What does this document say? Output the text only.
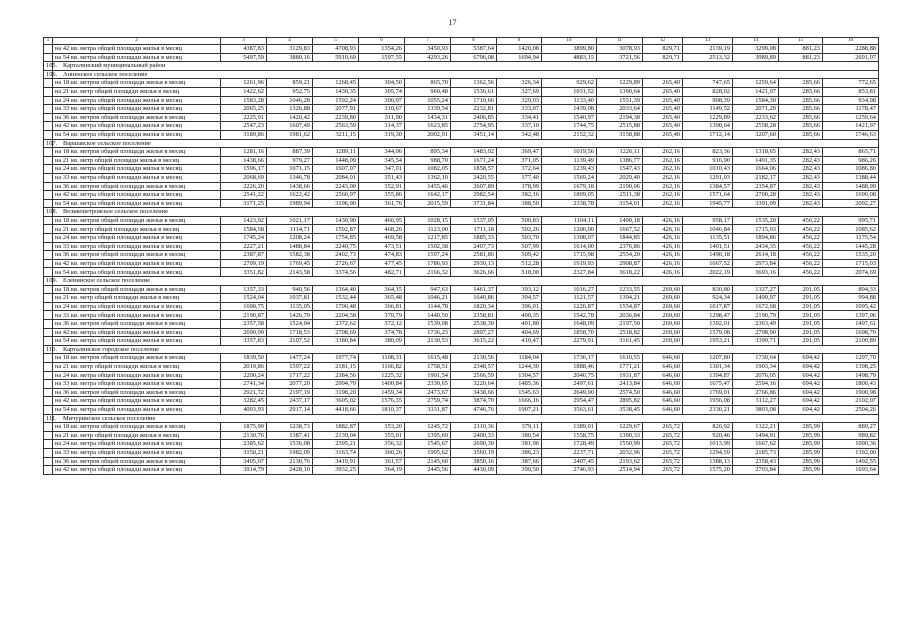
17
1	2	3	4	5	6	7	8	9	10	11	12	13	14	15	16
	на 42 кв. метра общей площади жилья в месяц	4387,83	3129,83	4708,93	1354,26	3450,93	5387,64	1420,08	3899,80	3078,93	829,71	2139,19	3299,08	881,23	2288,88
	на 54 кв. метра общей площади жилья в месяц	5497,59	3880,16	5910,69	1597,55	4293,26	6796,08	1694,94	4883,15	3721,56	829,71	2513,32	3989,89	881,23	2691,07
105.	Карталинский муниципальный район														
106.	Анненское сельское поселение														
	на 18 кв. метров общей площади жилья в месяц	1261,96	859,21	1268,45	304,50	865,70	1362,56	326,34	929,62	1229,89	265,40	747,65	1259,64	285,66	772,65
	на 21 кв. метр общей площади жилья в месяц	1422,62	952,75	1430,35	305,74	960,48	1536,61	327,69	1031,52	1390,64	265,40	828,02	1421,97	285,66	853,81
	на 24 кв. метра общей площади жилья в месяц	1583,28	1046,28	1592,24	306,97	1055,24	1710,66	329,03	1133,40	1551,39	265,40	908,39	1584,30	285,66	934,98
	на 33 кв. метра общей площади жилья в месяц	2065,25	1326,88	2077,91	310,67	1339,54	2232,81	333,07	1439,08	2033,64	265,40	1149,52	2071,29	285,66	1178,47
	на 36 кв. метров общей площади жилья в месяц	2225,91	1420,42	2239,80	311,90	1434,31	2406,85	334,41	1540,97	2194,38	265,40	1229,89	2233,62	285,66	1259,64
	на 42 кв. метра общей площади жилья в месяц	2547,23	1607,49	2563,59	314,37	1623,85	2754,95	337,10	1744,75	2515,88	265,40	1390,64	2558,28	285,66	1421,97
	на 54 кв. метра общей площади жилья в месяц	3189,86	1981,62	3211,15	319,30	2002,91	3451,14	342,48	2152,32	3158,88	265,40	1712,14	3207,60	285,66	1746,63
107.	Варшавское сельское поселение														
	на 18 кв. метров общей площади жилья в месяц	1281,16	887,39	1289,11	344,06	895,34	1483,92	369,47	1019,56	1226,11	262,16	823,36	1318,65	282,43	865,71
	на 21 кв. метр общей площади жилья в месяц	1438,66	979,27	1448,09	345,54	988,70	1671,24	371,05	1139,49	1386,77	262,16	916,90	1491,35	282,43	986,26
	на 24 кв. метра общей площади жилья в месяц	1596,17	1071,15	1607,07	347,01	1082,05	1858,57	372,64	1239,43	1547,43	262,16	1010,43	1664,06	282,43	1086,80
	на 33 кв. метра общей площади жилья в месяц	2068,69	1346,78	2084,01	351,43	1362,10	2420,55	377,40	1569,24	2029,40	262,16	1291,03	2182,17	282,43	1388,44
	на 36 кв. метров общей площади жилья в месяц	2226,20	1438,66	2243,00	352,91	1455,46	2607,89	378,99	1679,18	2190,06	262,16	1384,57	2354,87	282,43	1488,99
	на 42 кв. метра общей площади жилья в месяц	2541,22	1622,42	2560,97	355,86	1642,17	2982,54	382,16	1899,05	2511,38	262,16	1571,64	2700,28	282,43	1690,08
	на 54 кв. метра общей площади жилья в месяц	3171,25	1989,94	3196,90	361,76	2015,59	3731,84	388,50	2338,78	3154,01	262,16	1945,77	3391,09	282,43	2092,27
108.	Великопетровское сельское поселение														
	на 18 кв. метров общей площади жилья в месяц	1423,92	1021,17	1430,90	466,95	1028,15	1537,05	500,83	1104,11	1490,18	426,16	958,17	1535,20	456,22	995,71
	на 21 кв. метр общей площади жилья в месяц	1584,58	1114,71	1592,87	468,26	1123,00	1711,18	502,26	1206,00	1667,52	426,16	1046,84	1715,03	456,22	1085,62
	на 24 кв. метра общей площади жилья в месяц	1745,24	1208,24	1754,85	469,58	1217,85	1885,33	503,70	1308,07	1844,85	426,16	1135,51	1894,86	456,22	1175,54
	на 33 кв. метра общей площади жилья в месяц	2227,21	1488,84	2240,75	473,51	1502,38	2407,73	507,99	1614,00	2376,86	426,16	1401,51	2434,35	456,22	1445,28
	на 36 кв. метров общей площади жилья в месяц	2387,87	1582,38	2402,73	474,83	1597,24	2581,86	509,42	1715,98	2554,20	426,16	1490,18	2614,18	456,22	1535,20
	на 42 кв. метра общей площади жилья в месяц	2709,19	1769,45	2726,67	477,45	1786,93	2930,13	512,28	1919,93	2908,87	426,16	1667,52	2973,84	456,22	1715,03
	на 54 кв. метра общей площади жилья в месяц	3351,82	2143,58	3374,56	482,71	2166,32	3626,66	518,00	2327,84	3618,22	426,16	2022,19	3693,16	456,22	2074,69
109.	Еленинское сельское поселение														
	на 18 кв. метров общей площади жилья в месяц	1357,33	940,56	1364,40	364,15	947,63	1461,37	393,12	1016,27	1233,55	269,60	830,80	1327,27	291,05	894,33
	на 21 кв. метр общей площади жилья в месяц	1524,04	1037,81	1532,44	365,48	1046,21	1640,86	394,57	1121,57	1394,21	269,60	924,34	1499,97	291,05	994,88
	на 24 кв. метра общей площади жилья в месяц	1690,75	1135,05	1700,48	366,81	1144,78	1820,34	396,01	1226,87	1554,87	269,60	1017,87	1672,68	291,05	1095,42
	на 33 кв. метра общей площади жилья в месяц	2190,87	1426,79	2204,58	370,79	1440,50	2358,81	400,35	1542,78	2036,84	269,60	1298,47	2190,79	291,05	1397,06
	на 36 кв. метров общей площади жилья в месяц	2357,58	1524,04	2372,62	372,12	1539,08	2538,30	401,80	1648,09	2197,50	269,60	1392,01	2363,49	291,05	1497,61
	на 42 кв. метра общей площади жилья в месяц	2690,99	1718,53	2708,69	374,78	1736,23	2897,27	404,69	1858,70	2518,82	269,60	1579,08	2708,90	291,05	1698,70
	на 54 кв. метра общей площади жилья в месяц	3357,83	2107,52	3380,84	380,09	2130,53	3615,22	410,47	2279,91	3161,45	269,60	1953,21	3399,71	291,05	2100,89
110.	Карталинское городское поселение														
	на 18 кв. метров общей площади жилья в месяц	1839,50	1477,24	1977,74	1108,31	1615,48	2130,56	1184,04	1736,17	1610,55	646,60	1207,80	1730,64	694,42	1297,70
	на 21 кв. метр общей площади жилья в месяц	2019,86	1597,22	2181,15	1166,82	1758,51	2348,57	1244,30	1888,46	1771,21	646,60	1301,34	1903,34	694,42	1398,25
	на 24 кв. метра общей площади жилья в месяц	2200,24	1717,22	2384,56	1225,32	1901,54	2566,59	1304,57	2040,75	1931,87	646,60	1394,87	2076,05	694,42	1498,79
	на 33 кв. метра общей площади жилья в месяц	2741,34	2077,20	2994,79	1400,84	2330,65	3220,64	1485,36	2497,61	2413,84	646,60	1675,47	2594,16	694,42	1800,43
	на 36 кв. метров общей площади жилья в месяц	2921,72	2197,19	3198,20	1459,34	2473,67	3438,66	1545,63	2649,90	2574,50	646,60	1769,01	2766,86	694,42	1900,98
	на 42 кв. метра общей площади жилья в месяц	3282,45	2437,17	3605,02	1576,35	2759,74	3874,70	1666,16	2954,47	2895,82	646,60	1956,08	3112,27	694,42	2102,07
	на 54 кв. метра общей площади жилья в месяц	4003,93	2917,14	4418,66	1810,37	3331,87	4746,76	1907,21	3563,61	3538,45	646,60	2330,21	3803,08	694,42	2504,26
111.	Мичуринское сельское поселение														
	на 18 кв. метров общей площади жилья в месяц	1875,90	1238,73	1882,87	353,20	1245,72	2110,36	379,11	1389,01	1229,67	265,72	826,92	1322,21	285,99	889,27
	на 21 кв. метр общей площади жилья в месяц	2130,76	1387,41	2139,04	355,01	1395,69	2400,33	380,54	1558,75	1390,33	265,72	920,46	1494,91	285,99	989,82
	на 24 кв. метра общей площади жилья в месяц	2385,62	1536,08	2395,21	356,32	1545,67	2690,30	381,96	1728,49	1550,99	265,72	1013,99	1667,62	285,99	1090,36
	на 33 кв. метра общей площади жилья в месяц	3150,21	1982,09	3163,74	360,26	1995,62	3560,19	386,23	2237,71	2032,96	265,72	1294,59	2185,73	285,99	1392,00
	на 36 кв. метров общей площади жилья в месяц	3405,07	2130,76	3419,91	361,57	2145,60	3850,16	387,66	2407,45	2193,62	265,72	1388,13	2358,43	285,99	1492,55
	на 42 кв. метра общей площади жилья в месяц	3914,79	2428,10	3932,25	364,19	2445,56	4430,09	390,50	2746,93	2514,94	265,72	1575,20	2703,84	285,99	1693,64
